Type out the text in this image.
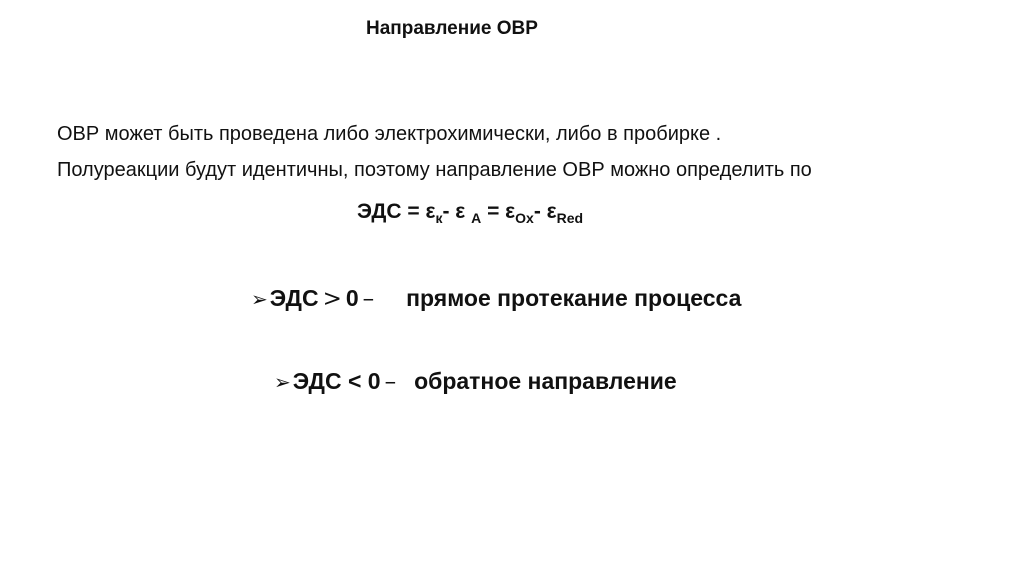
Направление ОВР
ОВР может быть проведена либо электрохимически, либо в пробирке .
Полуреакции будут идентичны, поэтому направление ОВР можно определить по
ЭДС = $\varepsilon_к-$ ε $_А = \varepsilon_{Ox}-$ $\varepsilon_{Red}$
➢ ЭДС > 0 – прямое протекание процесса
➢ ЭДС < 0 – обратное направление
